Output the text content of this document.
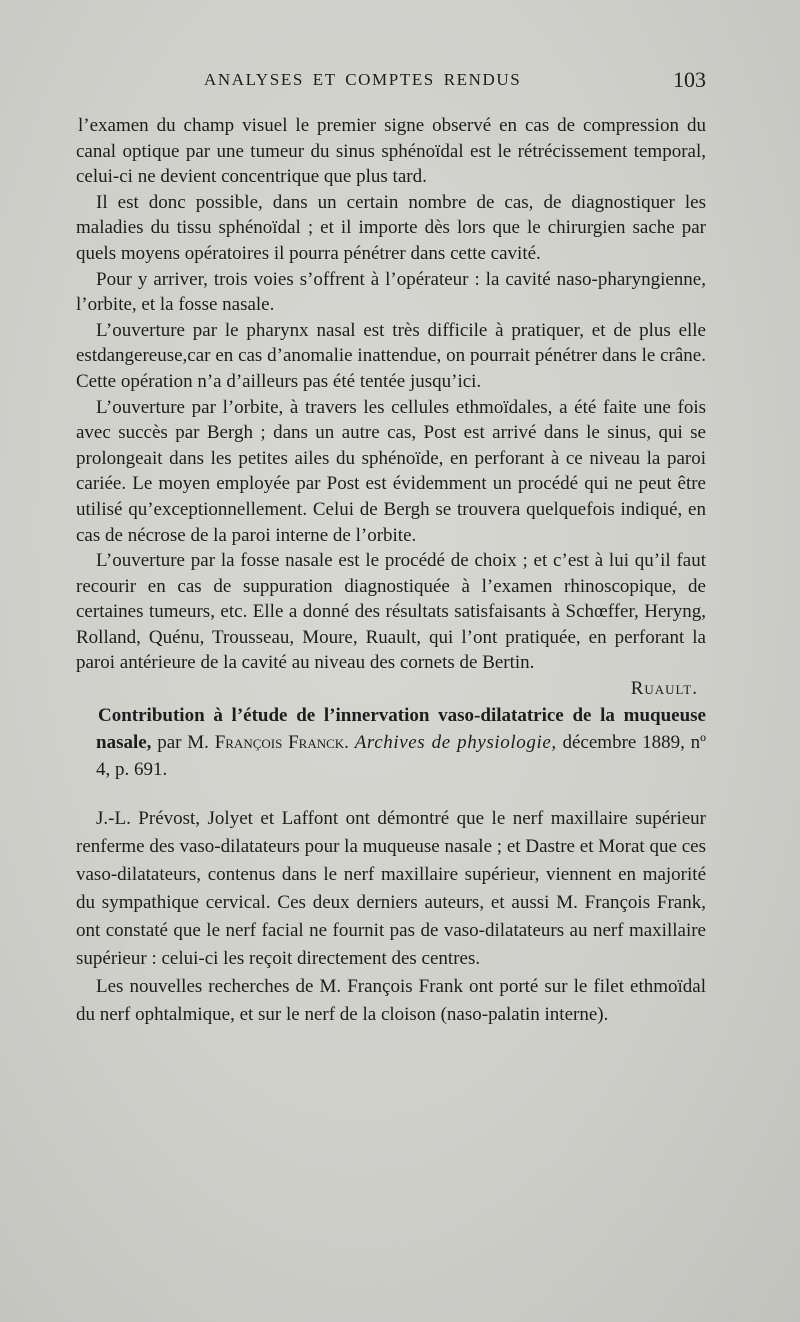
ANALYSES ET COMPTES RENDUS	103

l’examen du champ visuel le premier signe observé en cas de compression du canal optique par une tumeur du sinus sphénoïdal est le rétrécissement temporal, celui-ci ne devient concentrique que plus tard.

Il est donc possible, dans un certain nombre de cas, de diagnostiquer les maladies du tissu sphénoïdal ; et il importe dès lors que le chirurgien sache par quels moyens opératoires il pourra pénétrer dans cette cavité.

Pour y arriver, trois voies s’offrent à l’opérateur : la cavité naso-pharyngienne, l’orbite, et la fosse nasale.

L’ouverture par le pharynx nasal est très difficile à pratiquer, et de plus elle estdangereuse,car en cas d’anomalie inattendue, on pourrait pénétrer dans le crâne. Cette opération n’a d’ailleurs pas été tentée jusqu’ici.

L’ouverture par l’orbite, à travers les cellules ethmoïdales, a été faite une fois avec succès par Bergh ; dans un autre cas, Post est arrivé dans le sinus, qui se prolongeait dans les petites ailes du sphénoïde, en perforant à ce niveau la paroi cariée. Le moyen employée par Post est évidemment un procédé qui ne peut être utilisé qu’exceptionnellement. Celui de Bergh se trouvera quelquefois indiqué, en cas de nécrose de la paroi interne de l’orbite.

L’ouverture par la fosse nasale est le procédé de choix ; et c’est à lui qu’il faut recourir en cas de suppuration diagnostiquée à l’examen rhinoscopique, de certaines tumeurs, etc. Elle a donné des résultats satisfaisants à Schœffer, Heryng, Rolland, Quénu, Trousseau, Moure, Ruault, qui l’ont pratiquée, en perforant la paroi antérieure de la cavité au niveau des cornets de Bertin.

Ruault.

Contribution à l’étude de l’innervation vaso-dilatatrice de la muqueuse nasale, par M. François Franck. Archives de physiologie, décembre 1889, nº 4, p. 691.

J.-L. Prévost, Jolyet et Laffont ont démontré que le nerf maxillaire supérieur renferme des vaso-dilatateurs pour la muqueuse nasale ; et Dastre et Morat que ces vaso-dilatateurs, contenus dans le nerf maxillaire supérieur, viennent en majorité du sympathique cervical. Ces deux derniers auteurs, et aussi M. François Frank, ont constaté que le nerf facial ne fournit pas de vaso-dilatateurs au nerf maxillaire supérieur : celui-ci les reçoit directement des centres.

Les nouvelles recherches de M. François Frank ont porté sur le filet ethmoïdal du nerf ophtalmique, et sur le nerf de la cloison (naso-palatin interne).
